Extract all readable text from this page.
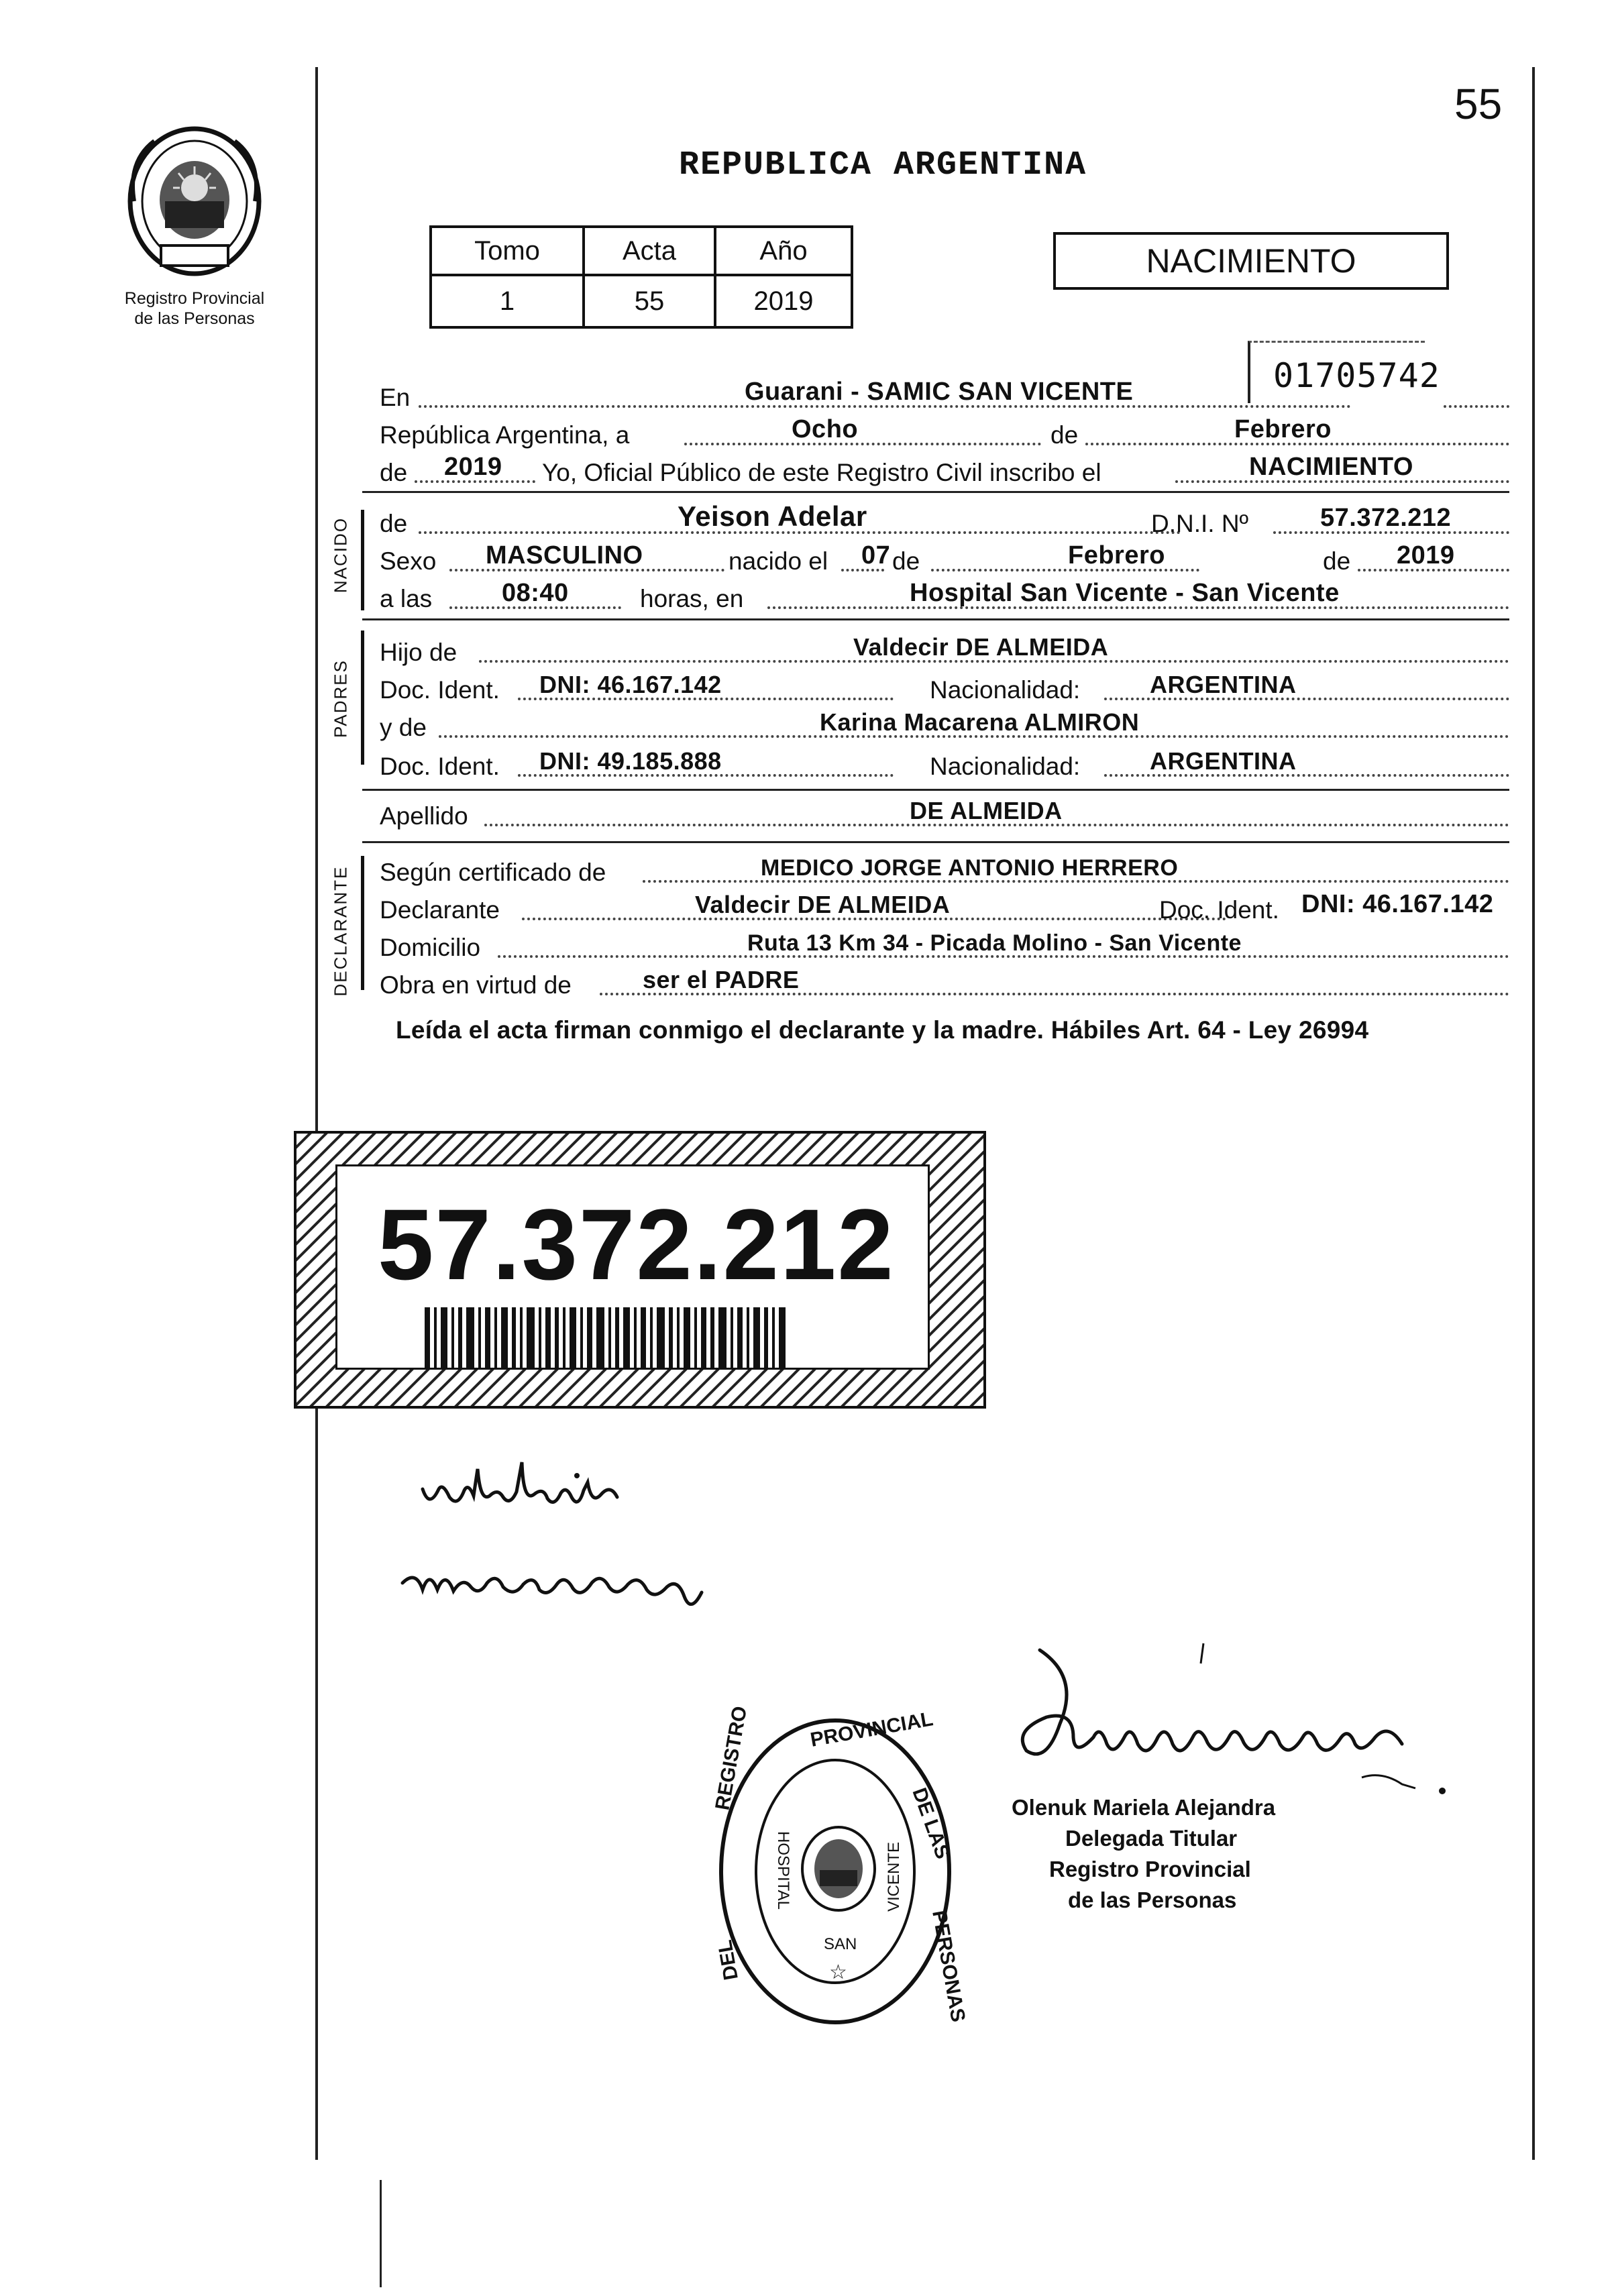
55
Registro Provincial
de las Personas
REPUBLICA ARGENTINA
Tomo	Acta	Año
1	55	2019
NACIMIENTO
01705742
En	Guarani - SAMIC SAN VICENTE
República Argentina, a	Ocho	de	Febrero
de 2019 Yo, Oficial Público de este Registro Civil inscribo el	NACIMIENTO
NACIDO de	Yeison Adelar	D.N.I. Nº	57.372.212
Sexo MASCULINO	nacido el 07 de	Febrero	de 2019
a las	08:40	horas, en	Hospital San Vicente - San Vicente
PADRES
Hijo de	Valdecir DE ALMEIDA
Doc. Ident. DNI: 46.167.142	Nacionalidad:	ARGENTINA
y de	Karina Macarena ALMIRON
Doc. Ident. DNI: 49.185.888	Nacionalidad:	ARGENTINA
Apellido	DE ALMEIDA
DECLARANTE Según certificado de	MEDICO JORGE ANTONIO HERRERO
Declarante	Valdecir DE ALMEIDA	Doc. Ident. DNI: 46.167.142
Domicilio	Ruta 13 Km 34 - Picada Molino - San Vicente
Obra en virtud de	ser el PADRE
Leída el acta firman conmigo el declarante y la madre. Hábiles Art. 64 - Ley 26994
57.372.212
PROVINCIAL
REGISTRO
DEL
DE LAS
PERSONAS
HOSPITAL	VICENTE
SAN
☆
Olenuk Mariela Alejandra
Delegada Titular
Registro Provincial
de las Personas
